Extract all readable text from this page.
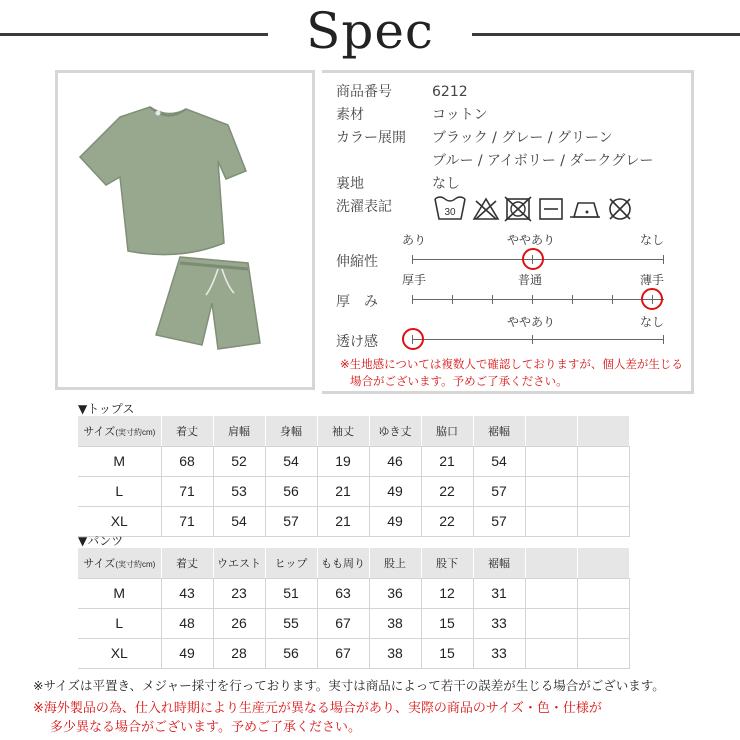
Spec
商品番号	6212
素材	コットン
カラー展開 ブラック / グレー / グリーン
ブルー / アイボリー / ダークグレー
裏地	なし
洗濯表記	30
あり	ややあり	なし
伸縮性
厚手	普通	薄手
厚　み
ややあり	なし
透け感
※生地感については複数人で確認しておりますが、個人差が生じる
場合がございます。予めご了承ください。
▼トップス
サイズ(実寸約cm)	着丈	肩幅	身幅	袖丈	ゆき丈	脇口	裾幅		
M	68	52	54	19	46	21	54		
L	71	53	56	21	49	22	57		
XL	71	54	57	21	49	22	57		
▼パンツ
サイズ(実寸約cm)	着丈	ウエスト	ヒップ	もも周り	股上	股下	裾幅		
M	43	23	51	63	36	12	31		
L	48	26	55	67	38	15	33		
XL	49	28	56	67	38	15	33		
※サイズは平置き、メジャー採寸を行っております。実寸は商品によって若干の誤差が生じる場合がございます。
※海外製品の為、仕入れ時期により生産元が異なる場合があり、実際の商品のサイズ・色・仕様が
多少異なる場合がございます。予めご了承ください。
